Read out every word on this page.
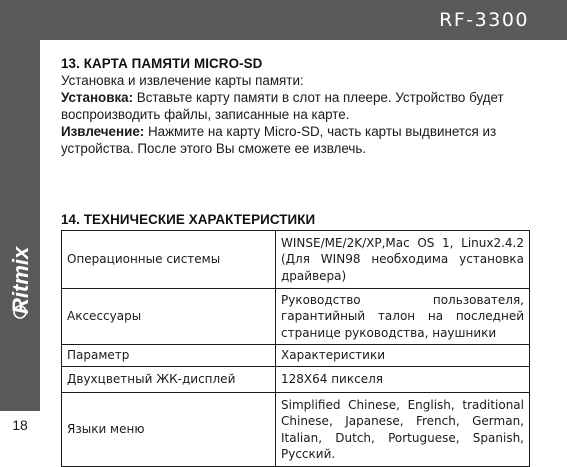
RF-3300
Ritmix
18
13. КАРТА ПАМЯТИ MICRO-SD
Установка и извлечение карты памяти:
Установка: Вставьте карту памяти в слот на плеере. Устройство будет воспроизводить файлы, записанные на карте.
Извлечение: Нажмите на карту Micro-SD, часть карты выдвинется из устройства. После этого Вы сможете ее извлечь.
14. ТЕХНИЧЕСКИЕ ХАРАКТЕРИСТИКИ
Операционные системы	WINSE/ME/2K/XP,Mac OS 1, Linux2.4.2 (Для WIN98 необходима установка драйвера)
Аксессуары	Руководство пользователя, гарантийный талон на последней странице руководства, наушники
Параметр	Характеристики
Двухцветный ЖК-дисплей	128X64 пикселя
Языки меню	Simplified Chinese, English, traditional Chinese, Japanese, French, German, Italian, Dutch, Portuguese, Spanish, Русский.
